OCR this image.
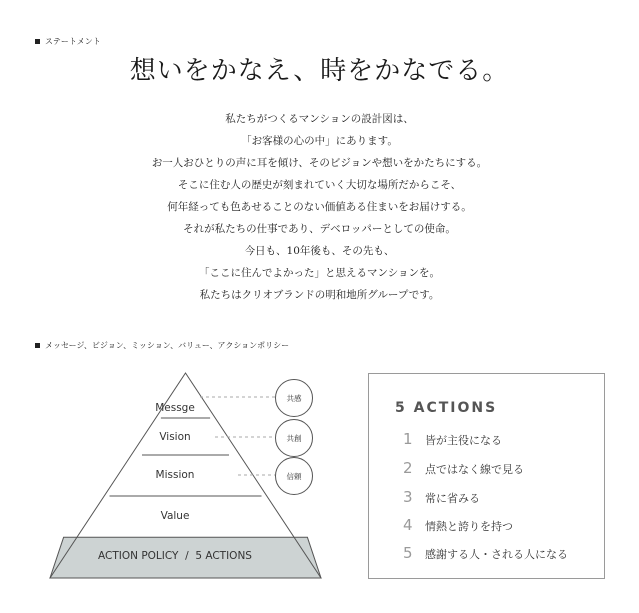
ステートメント
想いをかなえ、時をかなでる。
私たちがつくるマンションの設計図は、
「お客様の心の中」にあります。
お一人おひとりの声に耳を傾け、そのビジョンや想いをかたちにする。
そこに住む人の歴史が刻まれていく大切な場所だからこそ、
何年経っても色あせることのない価値ある住まいをお届けする。
それが私たちの仕事であり、デベロッパーとしての使命。
今日も、10年後も、その先も、
「ここに住んでよかった」と思えるマンションを。
私たちはクリオブランドの明和地所グループです。
メッセージ、ビジョン、ミッション、バリュー、アクションポリシー
Messge
Vision
Mission
Value
ACTION POLICY  /  5 ACTIONS
共感
共創
信頼
5 ACTIONS
1 皆が主役になる
2 点ではなく線で見る
3 常に省みる
4 情熱と誇りを持つ
5 感謝する人・される人になる
